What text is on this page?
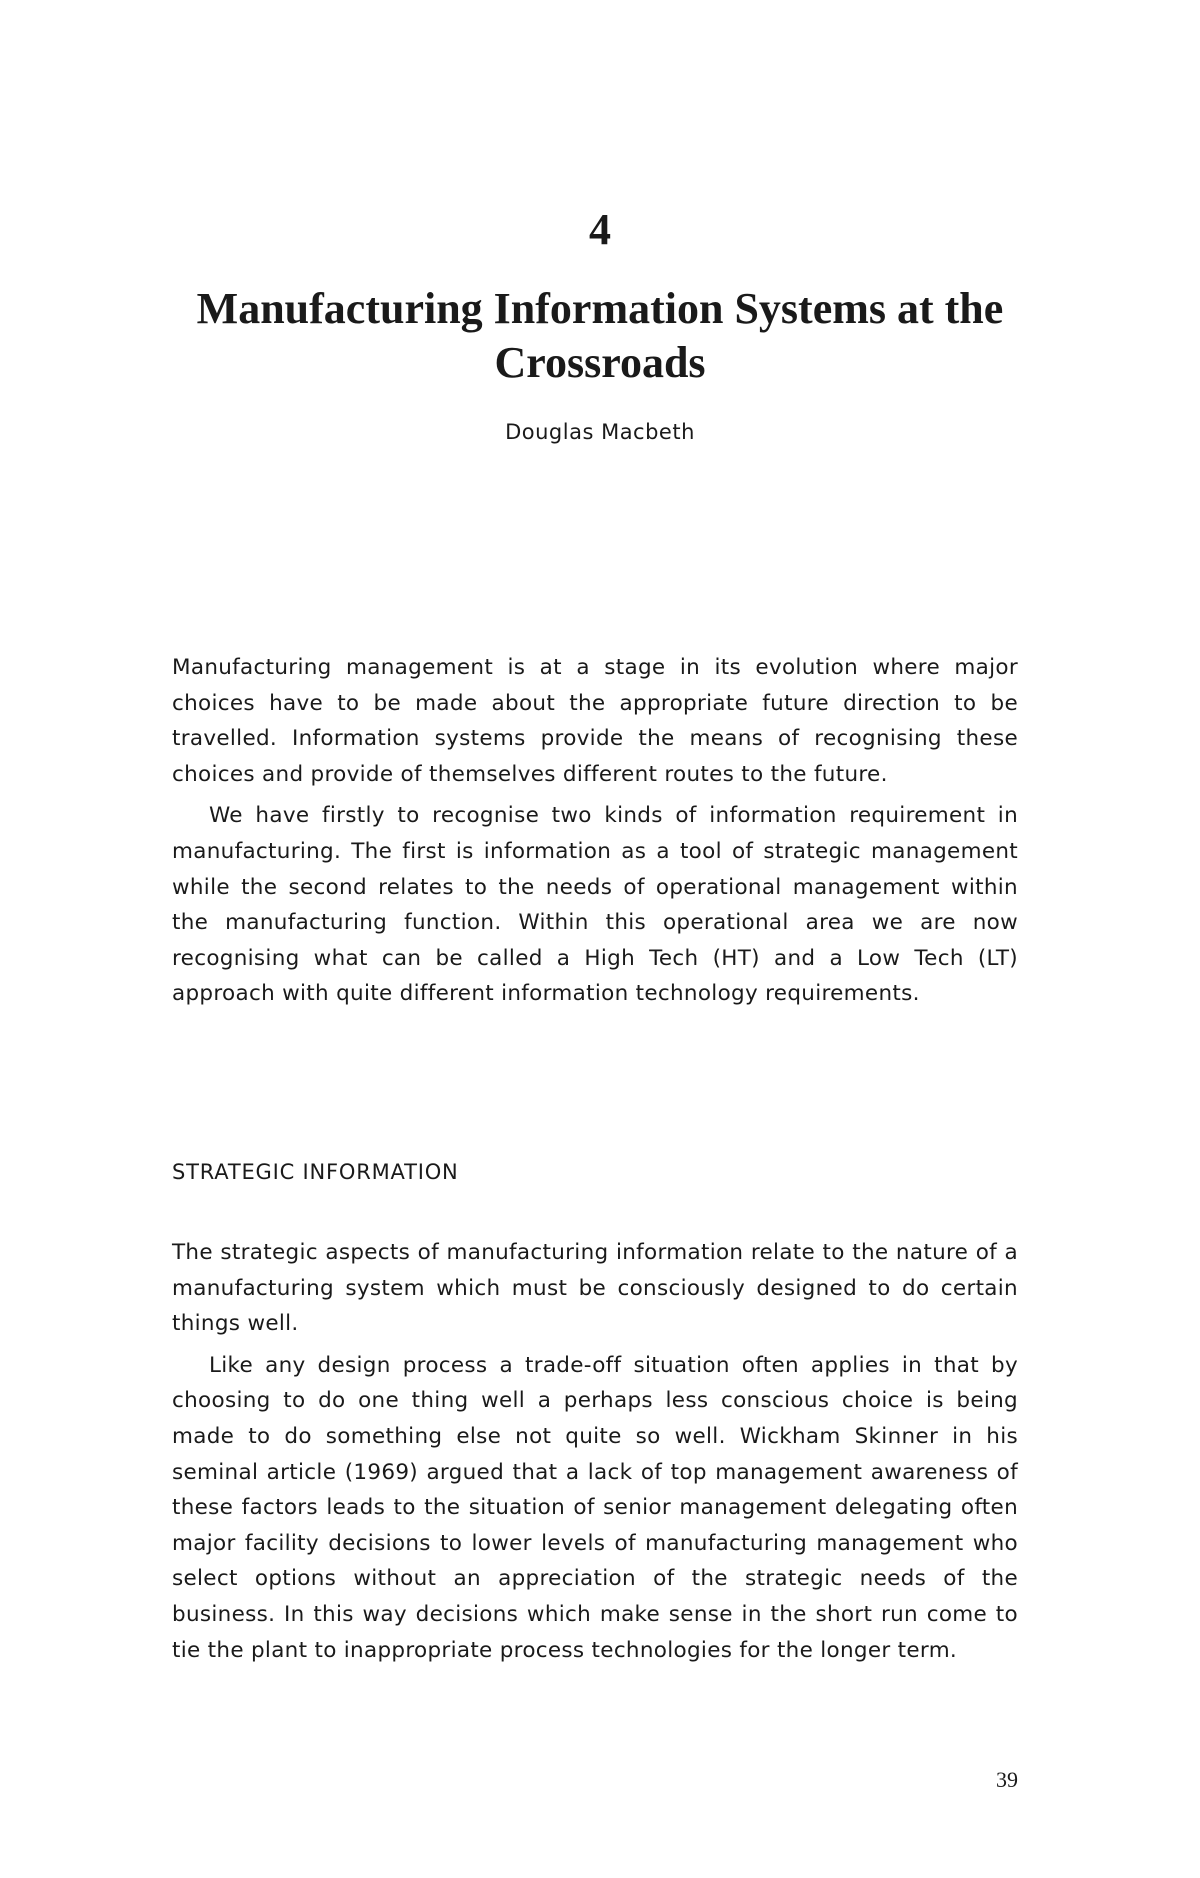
4
Manufacturing Information Systems at the Crossroads
Douglas Macbeth

Manufacturing management is at a stage in its evolution where major choices have to be made about the appropriate future direction to be travelled. Information systems provide the means of recognising these choices and provide of themselves different routes to the future.

We have firstly to recognise two kinds of information requirement in manufacturing. The first is information as a tool of strategic management while the second relates to the needs of operational management within the manufacturing function. Within this operational area we are now recognising what can be called a High Tech (HT) and a Low Tech (LT) approach with quite different information technology requirements.

STRATEGIC INFORMATION

The strategic aspects of manufacturing information relate to the nature of a manufacturing system which must be consciously designed to do certain things well.

Like any design process a trade-off situation often applies in that by choosing to do one thing well a perhaps less conscious choice is being made to do something else not quite so well. Wickham Skinner in his seminal article (1969) argued that a lack of top management awareness of these factors leads to the situation of senior management delegating often major facility decisions to lower levels of manufacturing management who select options without an appreciation of the strategic needs of the business. In this way decisions which make sense in the short run come to tie the plant to inappropriate process technologies for the longer term.

39
